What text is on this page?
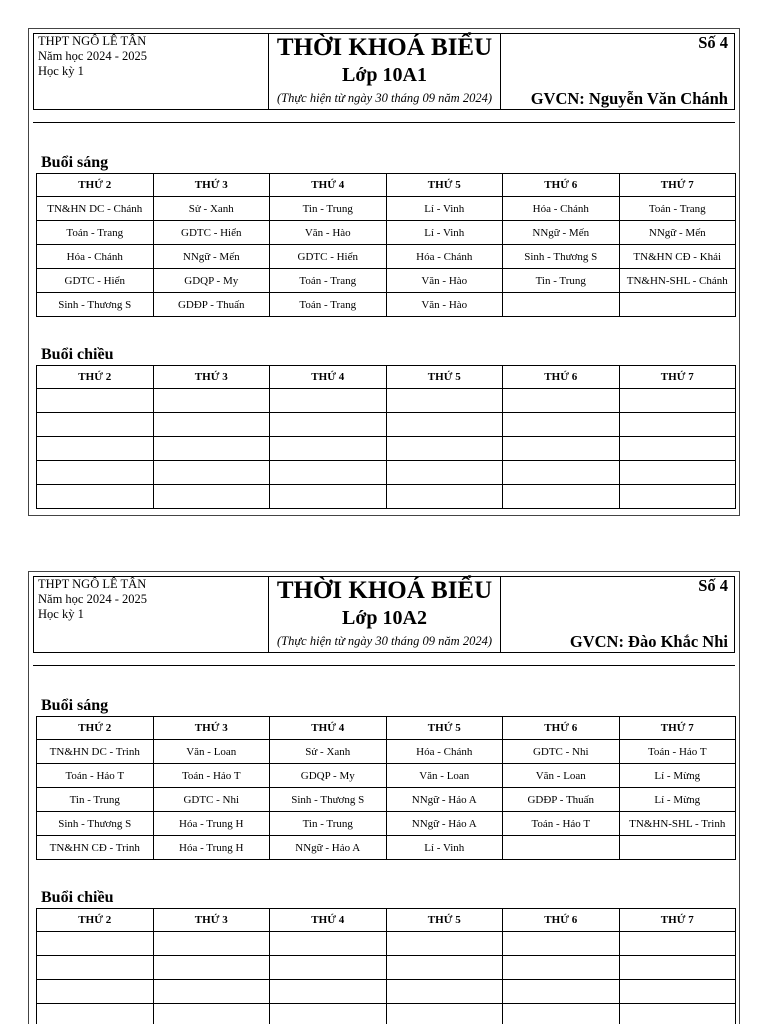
THPT NGÔ LÊ TÂN
Năm học 2024 - 2025
Học kỳ 1
THỜI KHOÁ BIỂU
Lớp 10A1
(Thực hiện từ ngày 30 tháng 09 năm 2024)
Số 4
GVCN: Nguyễn Văn Chánh
Buổi sáng
THỨ 2	THỨ 3	THỨ 4	THỨ 5	THỨ 6	THỨ 7
TN&HN DC - Chánh	Sử - Xanh	Tin - Trung	Lí - Vinh	Hóa - Chánh	Toán - Trang
Toán - Trang	GDTC - Hiển	Văn - Hào	Lí - Vinh	NNgữ - Mến	NNgữ - Mến
Hóa - Chánh	NNgữ - Mến	GDTC - Hiển	Hóa - Chánh	Sinh - Thương S	TN&HN CĐ - Khải
GDTC - Hiển	GDQP - My	Toán - Trang	Văn - Hào	Tin - Trung	TN&HN-SHL - Chánh
Sinh - Thương S	GDĐP - Thuấn	Toán - Trang	Văn - Hào
Buổi chiều
THỨ 2	THỨ 3	THỨ 4	THỨ 5	THỨ 6	THỨ 7
THPT NGÔ LÊ TÂN
Năm học 2024 - 2025
Học kỳ 1
THỜI KHOÁ BIỂU
Lớp 10A2
(Thực hiện từ ngày 30 tháng 09 năm 2024)
Số 4
GVCN: Đào Khắc Nhi
Buổi sáng
THỨ 2	THỨ 3	THỨ 4	THỨ 5	THỨ 6	THỨ 7
TN&HN DC - Trinh	Văn - Loan	Sử - Xanh	Hóa - Chánh	GDTC - Nhi	Toán - Hảo T
Toán - Hảo T	Toán - Hảo T	GDQP - My	Văn - Loan	Văn - Loan	Lí - Mừng
Tin - Trung	GDTC - Nhi	Sinh - Thương S	NNgữ - Hảo A	GDĐP - Thuấn	Lí - Mừng
Sinh - Thương S	Hóa - Trung H	Tin - Trung	NNgữ - Hảo A	Toán - Hảo T	TN&HN-SHL - Trinh
TN&HN CĐ - Trinh	Hóa - Trung H	NNgữ - Hảo A	Lí - Vinh
Buổi chiều
THỨ 2	THỨ 3	THỨ 4	THỨ 5	THỨ 6	THỨ 7
